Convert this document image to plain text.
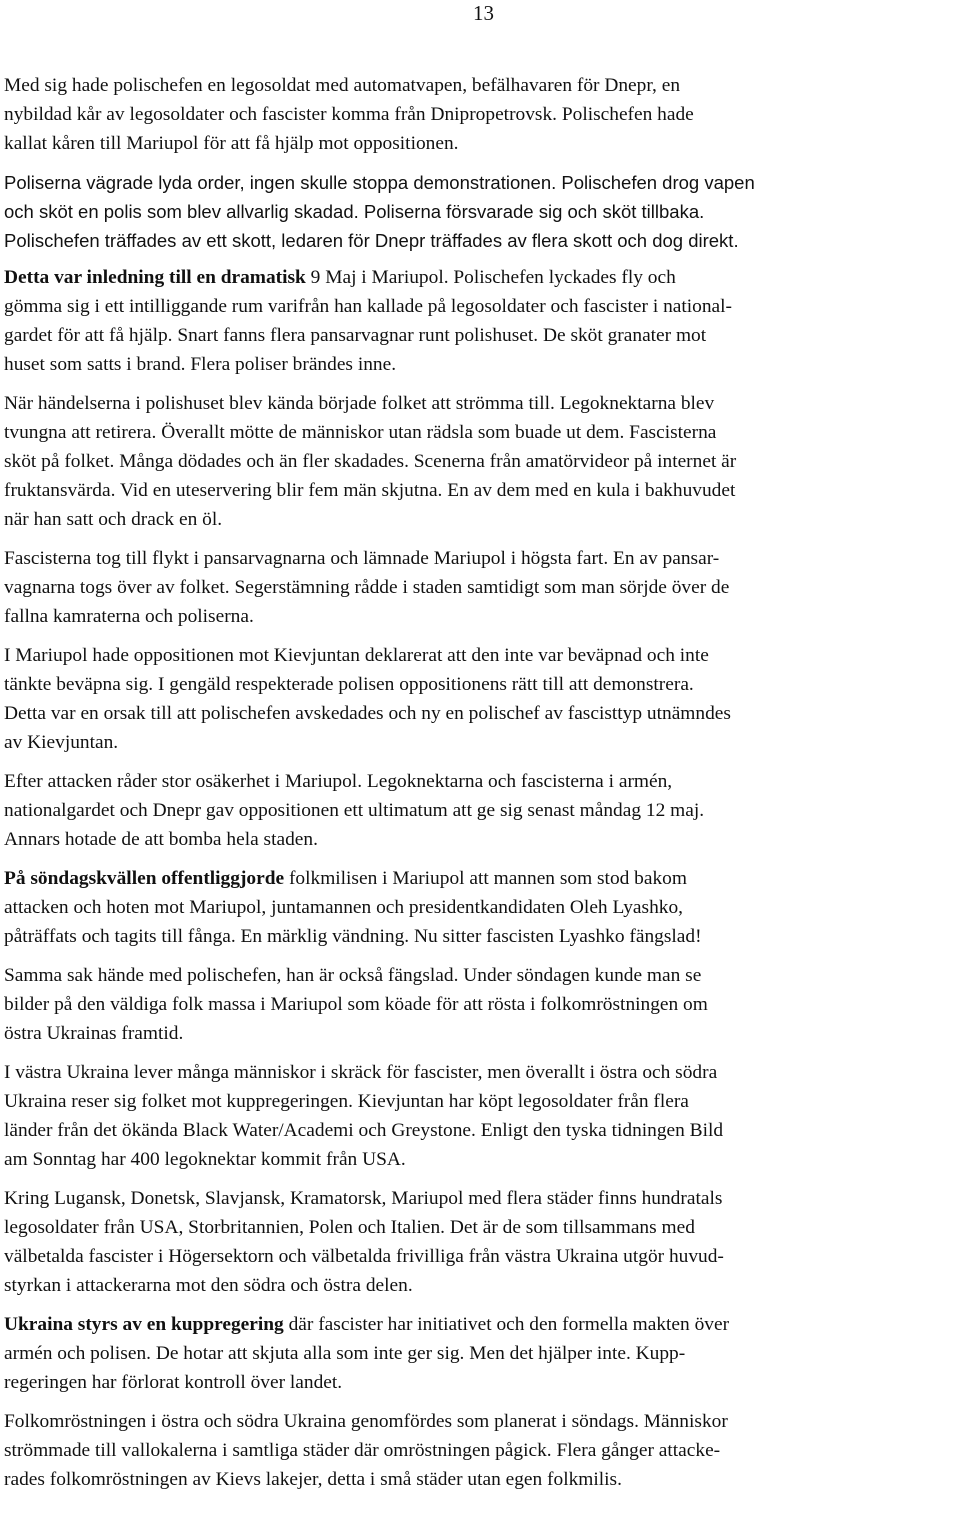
13
Med sig hade polischefen en legosoldat med automatvapen, befälhavaren för Dnepr, en
nybildad kår av legosoldater och fascister komma från Dnipropetrovsk. Polischefen hade
kallat kåren till Mariupol för att få hjälp mot oppositionen.
Poliserna vägrade lyda order, ingen skulle stoppa demonstrationen. Polischefen drog vapen
och sköt en polis som blev allvarlig skadad. Poliserna försvarade sig och sköt tillbaka.
Polischefen träffades av ett skott, ledaren för Dnepr träffades av flera skott och dog direkt.
Detta var inledning till en dramatisk 9 Maj i Mariupol. Polischefen lyckades fly och
gömma sig i ett intilliggande rum varifrån han kallade på legosoldater och fascister i national-
gardet för att få hjälp. Snart fanns flera pansarvagnar runt polishuset. De sköt granater mot
huset som satts i brand. Flera poliser brändes inne.
När händelserna i polishuset blev kända började folket att strömma till. Legoknektarna blev
tvungna att retirera. Överallt mötte de människor utan rädsla som buade ut dem. Fascisterna
sköt på folket. Många dödades och än fler skadades. Scenerna från amatörvideor på internet är
fruktansvärda. Vid en uteservering blir fem män skjutna. En av dem med en kula i bakhuvudet
när han satt och drack en öl.
Fascisterna tog till flykt i pansarvagnarna och lämnade Mariupol i högsta fart. En av pansar-
vagnarna togs över av folket. Segerstämning rådde i staden samtidigt som man sörjde över de
fallna kamraterna och poliserna.
I Mariupol hade oppositionen mot Kievjuntan deklarerat att den inte var beväpnad och inte
tänkte beväpna sig. I gengäld respekterade polisen oppositionens rätt till att demonstrera.
Detta var en orsak till att polischefen avskedades och ny en polischef av fascisttyp utnämndes
av Kievjuntan.
Efter attacken råder stor osäkerhet i Mariupol. Legoknektarna och fascisterna i armén,
nationalgardet och Dnepr gav oppositionen ett ultimatum att ge sig senast måndag 12 maj.
Annars hotade de att bomba hela staden.
På söndagskvällen offentliggjorde folkmilisen i Mariupol att mannen som stod bakom
attacken och hoten mot Mariupol, juntamannen och presidentkandidaten Oleh Lyashko,
påträffats och tagits till fånga. En märklig vändning. Nu sitter fascisten Lyashko fängslad!
Samma sak hände med polischefen, han är också fängslad. Under söndagen kunde man se
bilder på den väldiga folk massa i Mariupol som köade för att rösta i folkomröstningen om
östra Ukrainas framtid.
I västra Ukraina lever många människor i skräck för fascister, men överallt i östra och södra
Ukraina reser sig folket mot kuppregeringen. Kievjuntan har köpt legosoldater från flera
länder från det ökända Black Water/Academi och Greystone. Enligt den tyska tidningen Bild
am Sonntag har 400 legoknektar kommit från USA.
Kring Lugansk, Donetsk, Slavjansk, Kramatorsk, Mariupol med flera städer finns hundratals
legosoldater från USA, Storbritannien, Polen och Italien. Det är de som tillsammans med
välbetalda fascister i Högersektorn och välbetalda frivilliga från västra Ukraina utgör huvud-
styrkan i attackerarna mot den södra och östra delen.
Ukraina styrs av en kuppregering där fascister har initiativet och den formella makten över
armén och polisen. De hotar att skjuta alla som inte ger sig. Men det hjälper inte. Kupp-
regeringen har förlorat kontroll över landet.
Folkomröstningen i östra och södra Ukraina genomfördes som planerat i söndags. Människor
strömmade till vallokalerna i samtliga städer där omröstningen pågick. Flera gånger attacke-
rades folkomröstningen av Kievs lakejer, detta i små städer utan egen folkmilis.
